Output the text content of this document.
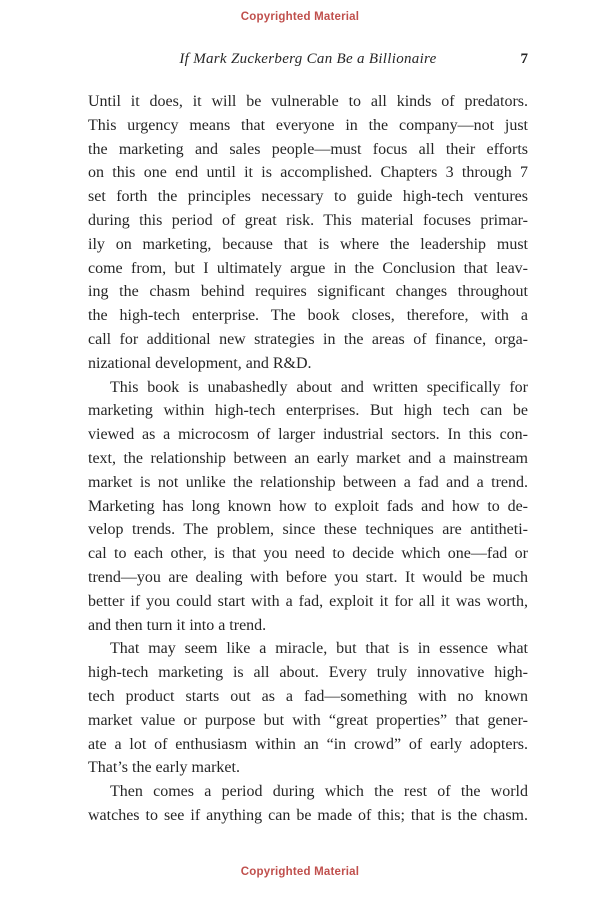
Copyrighted Material
If Mark Zuckerberg Can Be a Billionaire	7
Until it does, it will be vulnerable to all kinds of predators.
This urgency means that everyone in the company—not just
the marketing and sales people—must focus all their efforts
on this one end until it is accomplished. Chapters 3 through 7
set forth the principles necessary to guide high-tech ventures
during this period of great risk. This material focuses primar-
ily on marketing, because that is where the leadership must
come from, but I ultimately argue in the Conclusion that leav-
ing the chasm behind requires significant changes throughout
the high-tech enterprise. The book closes, therefore, with a
call for additional new strategies in the areas of finance, orga-
nizational development, and R&D.
This book is unabashedly about and written specifically for
marketing within high-tech enterprises. But high tech can be
viewed as a microcosm of larger industrial sectors. In this con-
text, the relationship between an early market and a mainstream
market is not unlike the relationship between a fad and a trend.
Marketing has long known how to exploit fads and how to de-
velop trends. The problem, since these techniques are antitheti-
cal to each other, is that you need to decide which one—fad or
trend—you are dealing with before you start. It would be much
better if you could start with a fad, exploit it for all it was worth,
and then turn it into a trend.
That may seem like a miracle, but that is in essence what
high-tech marketing is all about. Every truly innovative high-
tech product starts out as a fad—something with no known
market value or purpose but with “great properties” that gener-
ate a lot of enthusiasm within an “in crowd” of early adopters.
That’s the early market.
Then comes a period during which the rest of the world
watches to see if anything can be made of this; that is the chasm.
Copyrighted Material
